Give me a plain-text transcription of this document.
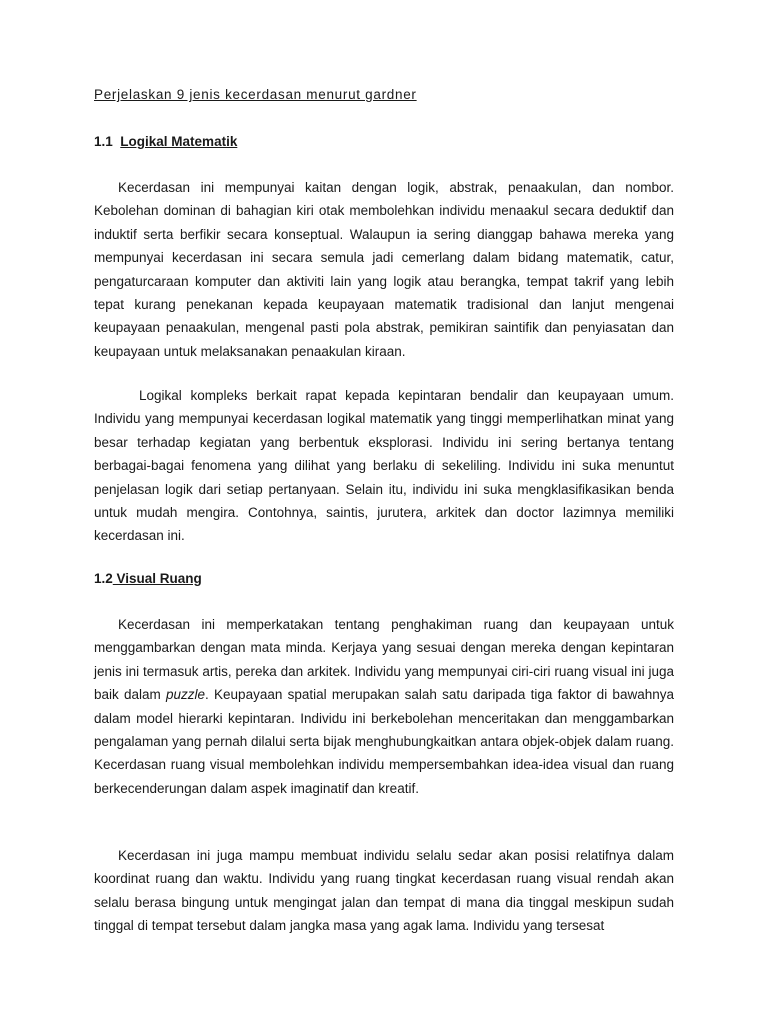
Perjelaskan 9 jenis kecerdasan menurut gardner
1.1 Logikal Matematik

Kecerdasan ini mempunyai kaitan dengan logik, abstrak, penaakulan, dan nombor. Kebolehan dominan di bahagian kiri otak membolehkan individu menaakul secara deduktif dan induktif serta berfikir secara konseptual. Walaupun ia sering dianggap bahawa mereka yang mempunyai kecerdasan ini secara semula jadi cemerlang dalam bidang matematik, catur, pengaturcaraan komputer dan aktiviti lain yang logik atau berangka, tempat takrif yang lebih tepat kurang penekanan kepada keupayaan matematik tradisional dan lanjut mengenai keupayaan penaakulan, mengenal pasti pola abstrak, pemikiran saintifik dan penyiasatan dan keupayaan untuk melaksanakan penaakulan kiraan.

Logikal kompleks berkait rapat kepada kepintaran bendalir dan keupayaan umum. Individu yang mempunyai kecerdasan logikal matematik yang tinggi memperlihatkan minat yang besar terhadap kegiatan yang berbentuk eksplorasi. Individu ini sering bertanya tentang berbagai-bagai fenomena yang dilihat yang berlaku di sekeliling. Individu ini suka menuntut penjelasan logik dari setiap pertanyaan. Selain itu, individu ini suka mengklasifikasikan benda untuk mudah mengira. Contohnya, saintis, jurutera, arkitek dan doctor lazimnya memiliki kecerdasan ini.

1.2 Visual Ruang

Kecerdasan ini memperkatakan tentang penghakiman ruang dan keupayaan untuk menggambarkan dengan mata minda. Kerjaya yang sesuai dengan mereka dengan kepintaran jenis ini termasuk artis, pereka dan arkitek. Individu yang mempunyai ciri-ciri ruang visual ini juga baik dalam puzzle. Keupayaan spatial merupakan salah satu daripada tiga faktor di bawahnya dalam model hierarki kepintaran. Individu ini berkebolehan menceritakan dan menggambarkan pengalaman yang pernah dilalui serta bijak menghubungkaitkan antara objek-objek dalam ruang. Kecerdasan ruang visual membolehkan individu mempersembahkan idea-idea visual dan ruang berkecenderungan dalam aspek imaginatif dan kreatif.

Kecerdasan ini juga mampu membuat individu selalu sedar akan posisi relatifnya dalam koordinat ruang dan waktu. Individu yang ruang tingkat kecerdasan ruang visual rendah akan selalu berasa bingung untuk mengingat jalan dan tempat di mana dia tinggal meskipun sudah tinggal di tempat tersebut dalam jangka masa yang agak lama. Individu yang tersesat
